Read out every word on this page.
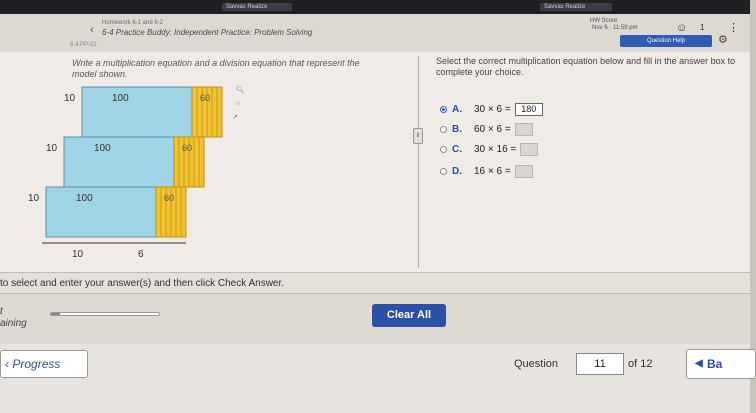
Savvas Realize	Savvas Realize
‹
Homework 6-1 and 6-2
6-4 Practice Buddy: Independent Practice: Problem Solving
HW Score
Nov 6 · 11:59 pm	☺ 1 ⋮
Question Help	⚙
6.4.PP-21
Write a multiplication equation and a division equation that represent the model shown.
🔍︎
○
↗
10	100	60
10	100	60
10	100	60
10	6
‖
Select the correct multiplication equation below and fill in the answer box to complete your choice.
A.	30 × 6 =	180
B.	60 × 6 =
C.	30 × 16 =
D.	16 × 6 =
to select and enter your answer(s) and then click Check Answer.
t
aining
Clear All
‹ Progress	Question	11	of 12	◀ Ba
